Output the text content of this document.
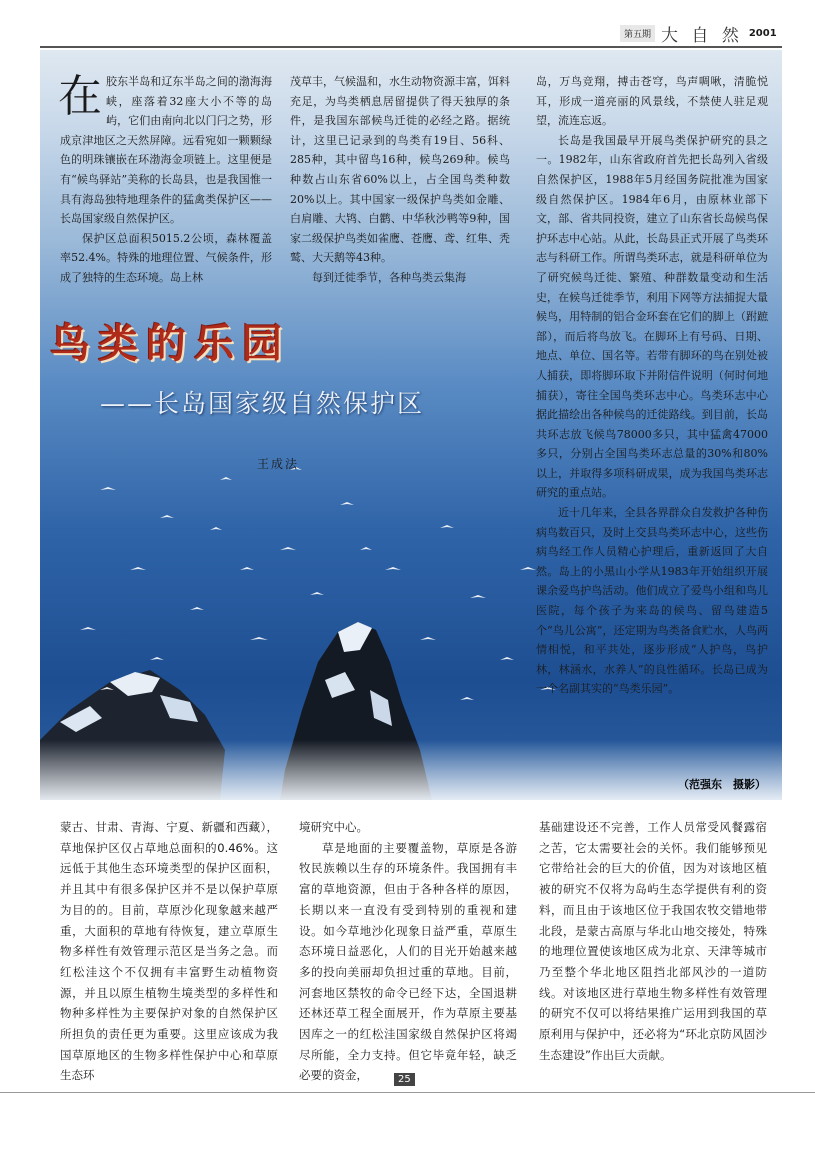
第五期 大 自 然 2001
（范强东　摄影）
鸟类的乐园
——长岛国家级自然保护区
王成法

在胶东半岛和辽东半岛之间的渤海海峡，座落着32座大小不等的岛屿，它们由南向北以门闩之势，形成京津地区之天然屏障。远看宛如一颗颗绿色的明珠镶嵌在环渤海金项链上。这里便是有“候鸟驿站”美称的长岛县，也是我国惟一具有海岛独特地理条件的猛禽类保护区——长岛国家级自然保护区。

保护区总面积5015.2公顷，森林覆盖率52.4%。特殊的地理位置、气候条件，形成了独特的生态环境。岛上林

茂草丰，气候温和，水生动物资源丰富，饵料充足，为鸟类栖息居留提供了得天独厚的条件，是我国东部候鸟迁徙的必经之路。据统计，这里已记录到的鸟类有19目、56科、285种，其中留鸟16种，候鸟269种。候鸟种数占山东省60%以上，占全国鸟类种数20%以上。其中国家一级保护鸟类如金雕、白肩雕、大鸨、白鹳、中华秋沙鸭等9种，国家二级保护鸟类如雀鹰、苍鹰、鸢、红隼、秃鹫、大天鹅等43种。

每到迁徙季节，各种鸟类云集海

岛，万鸟竞翔，搏击苍穹，鸟声啁啾，清脆悦耳，形成一道亮丽的风景线，不禁使人驻足观望，流连忘返。

长岛是我国最早开展鸟类保护研究的县之一。1982年，山东省政府首先把长岛列入省级自然保护区，1988年5月经国务院批准为国家级自然保护区。1984年6月，由原林业部下文，部、省共同投资，建立了山东省长岛候鸟保护环志中心站。从此，长岛县正式开展了鸟类环志与科研工作。所谓鸟类环志，就是科研单位为了研究候鸟迁徙、繁殖、种群数量变动和生活史，在候鸟迁徙季节，利用下网等方法捕捉大量候鸟，用特制的铝合金环套在它们的脚上（跗蹠部），而后将鸟放飞。在脚环上有号码、日期、地点、单位、国名等。若带有脚环的鸟在别处被人捕获，即将脚环取下并附信件说明（何时何地捕获），寄往全国鸟类环志中心。鸟类环志中心据此描绘出各种候鸟的迁徙路线。到目前，长岛共环志放飞候鸟78000多只，其中猛禽47000多只，分别占全国鸟类环志总量的30%和80%以上，并取得多项科研成果，成为我国鸟类环志研究的重点站。

近十几年来，全县各界群众自发救护各种伤病鸟数百只，及时上交县鸟类环志中心，这些伤病鸟经工作人员精心护理后，重新返回了大自然。岛上的小黑山小学从1983年开始组织开展课余爱鸟护鸟活动。他们成立了爱鸟小组和鸟儿医院，每个孩子为来岛的候鸟、留鸟建造5个“鸟儿公寓”，还定期为鸟类备食贮水，人鸟两情相悦，和平共处，逐步形成“人护鸟，鸟护林，林涵水，水养人”的良性循环。长岛已成为一个名副其实的“鸟类乐园”。

蒙古、甘肃、青海、宁夏、新疆和西藏），草地保护区仅占草地总面积的0.46%。这远低于其他生态环境类型的保护区面积，并且其中有很多保护区并不是以保护草原为目的的。目前，草原沙化现象越来越严重，大面积的草地有待恢复，建立草原生物多样性有效管理示范区是当务之急。而红松洼这个不仅拥有丰富野生动植物资源，并且以原生植物生境类型的多样性和物种多样性为主要保护对象的自然保护区所担负的责任更为重要。这里应该成为我国草原地区的生物多样性保护中心和草原生态环

境研究中心。

草是地面的主要覆盖物，草原是各游牧民族赖以生存的环境条件。我国拥有丰富的草地资源，但由于各种各样的原因，长期以来一直没有受到特别的重视和建设。如今草地沙化现象日益严重，草原生态环境日益恶化，人们的目光开始越来越多的投向美丽却负担过重的草地。目前，河套地区禁牧的命令已经下达，全国退耕还林还草工程全面展开，作为草原主要基因库之一的红松洼国家级自然保护区将竭尽所能，全力支持。但它毕竟年轻，缺乏必要的资金，

基础建设还不完善，工作人员常受风餐露宿之苦，它太需要社会的关怀。我们能够预见它带给社会的巨大的价值，因为对该地区植被的研究不仅将为岛屿生态学提供有利的资料，而且由于该地区位于我国农牧交错地带北段，是蒙古高原与华北山地交接处，特殊的地理位置使该地区成为北京、天津等城市乃至整个华北地区阻挡北部风沙的一道防线。对该地区进行草地生物多样性有效管理的研究不仅可以将结果推广运用到我国的草原利用与保护中，还必将为“环北京防风固沙生态建设”作出巨大贡献。

25
